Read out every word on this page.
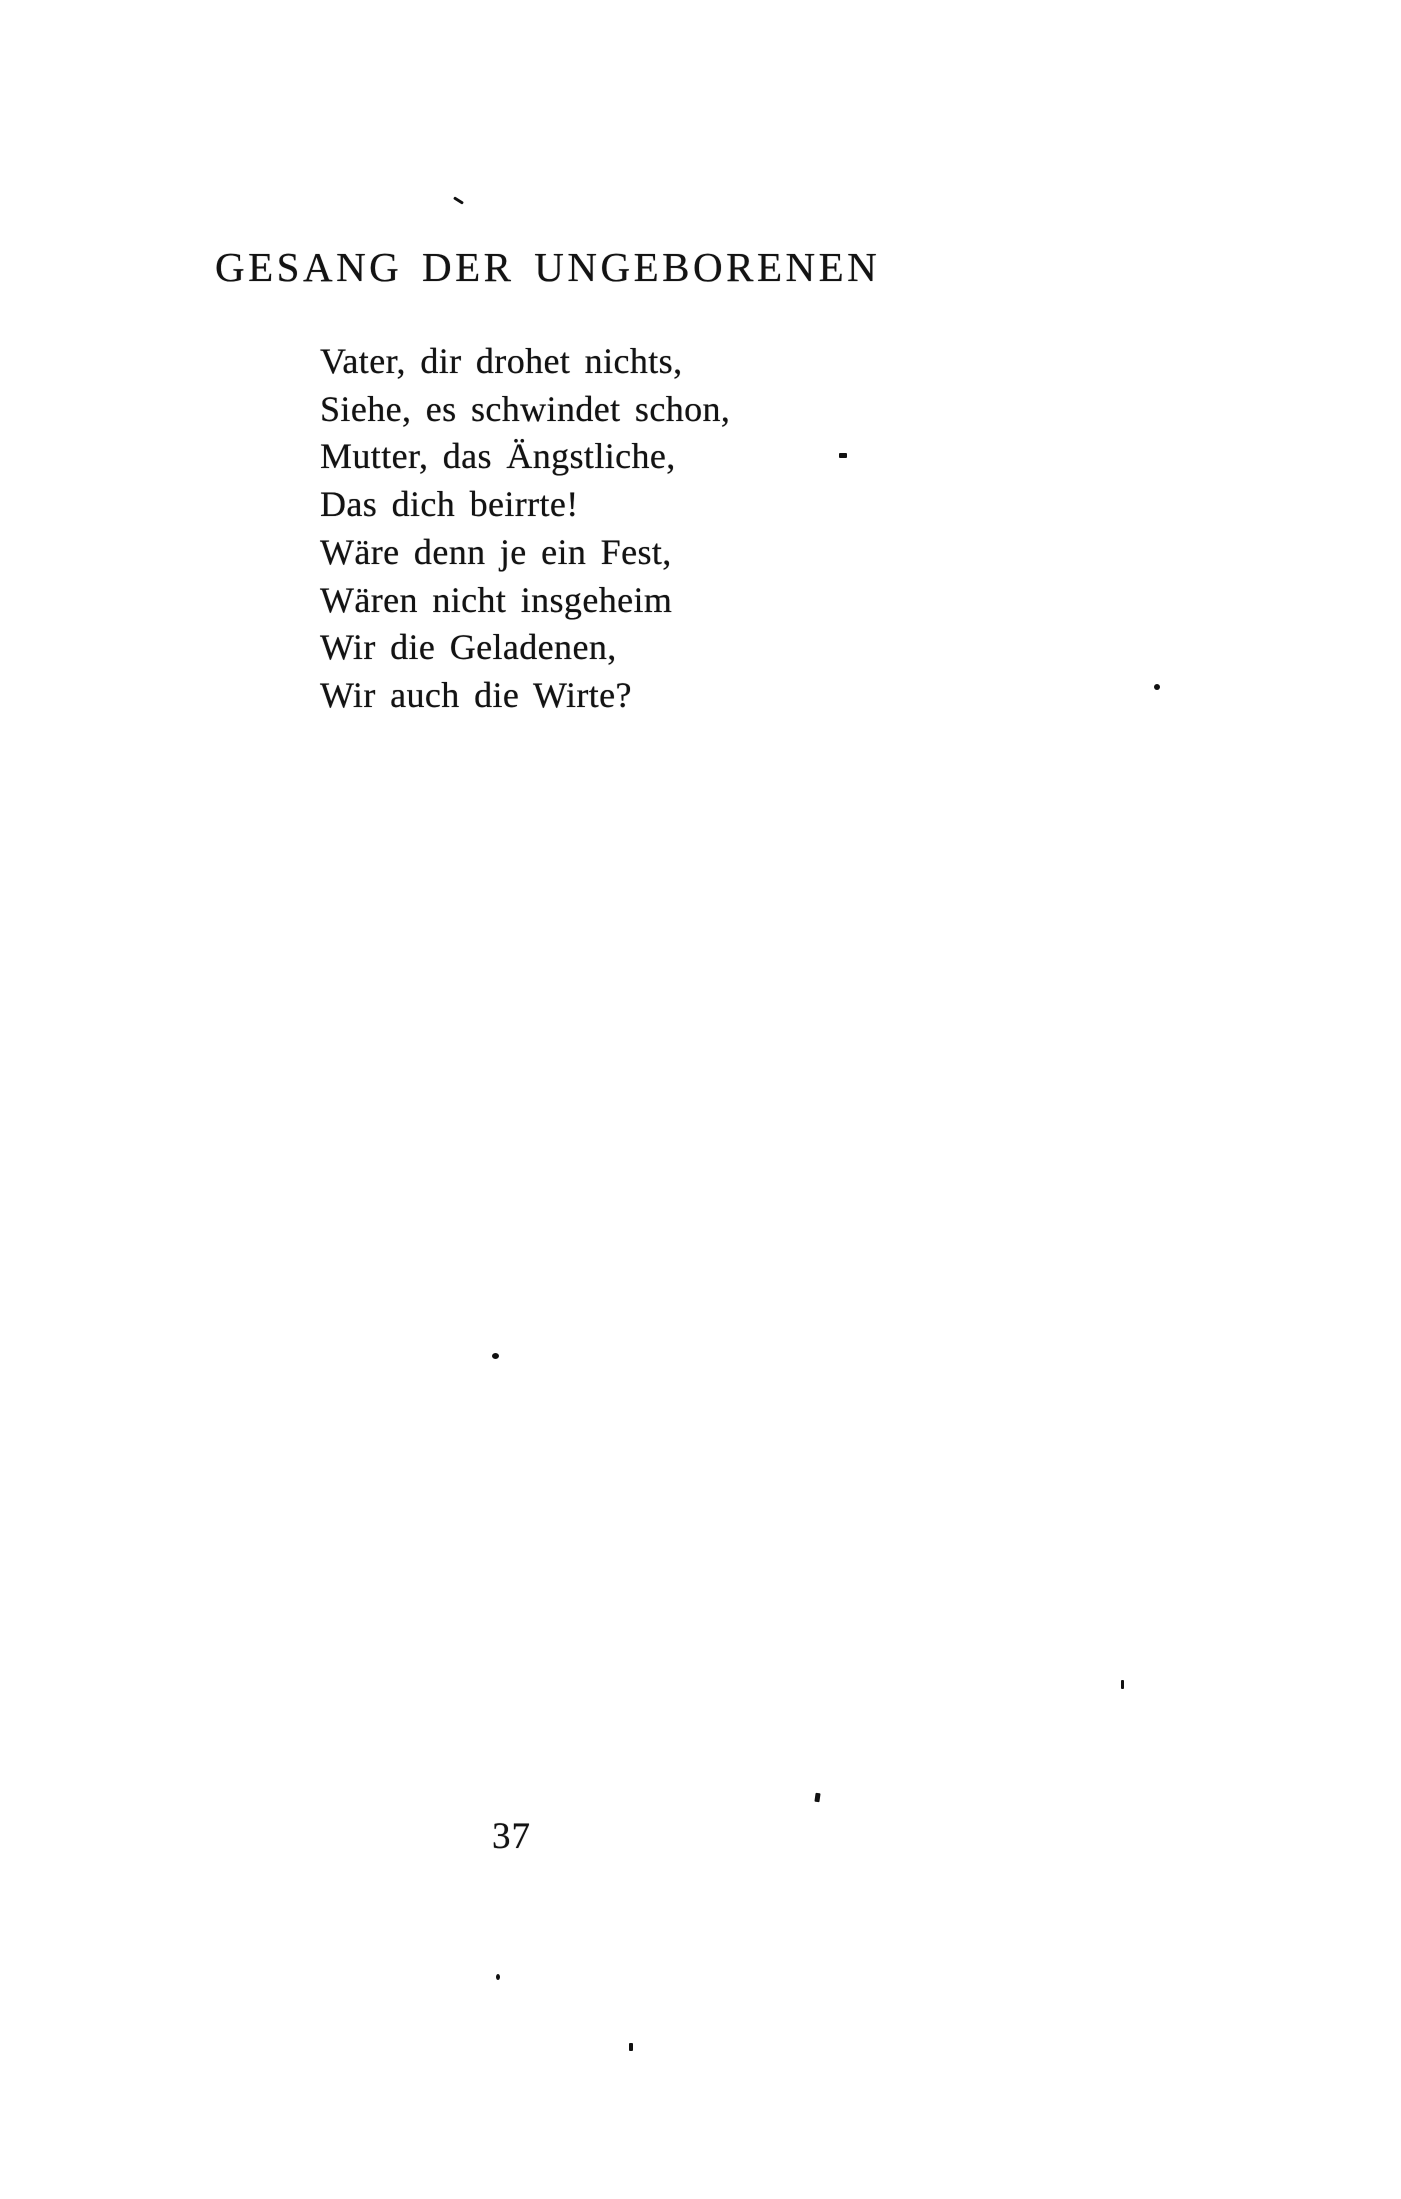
GESANG DER UNGEBORENEN
Vater, dir drohet nichts,
Siehe, es schwindet schon,
Mutter, das Ängstliche,
Das dich beirrte!
Wäre denn je ein Fest,
Wären nicht insgeheim
Wir die Geladenen,
Wir auch die Wirte?
37
